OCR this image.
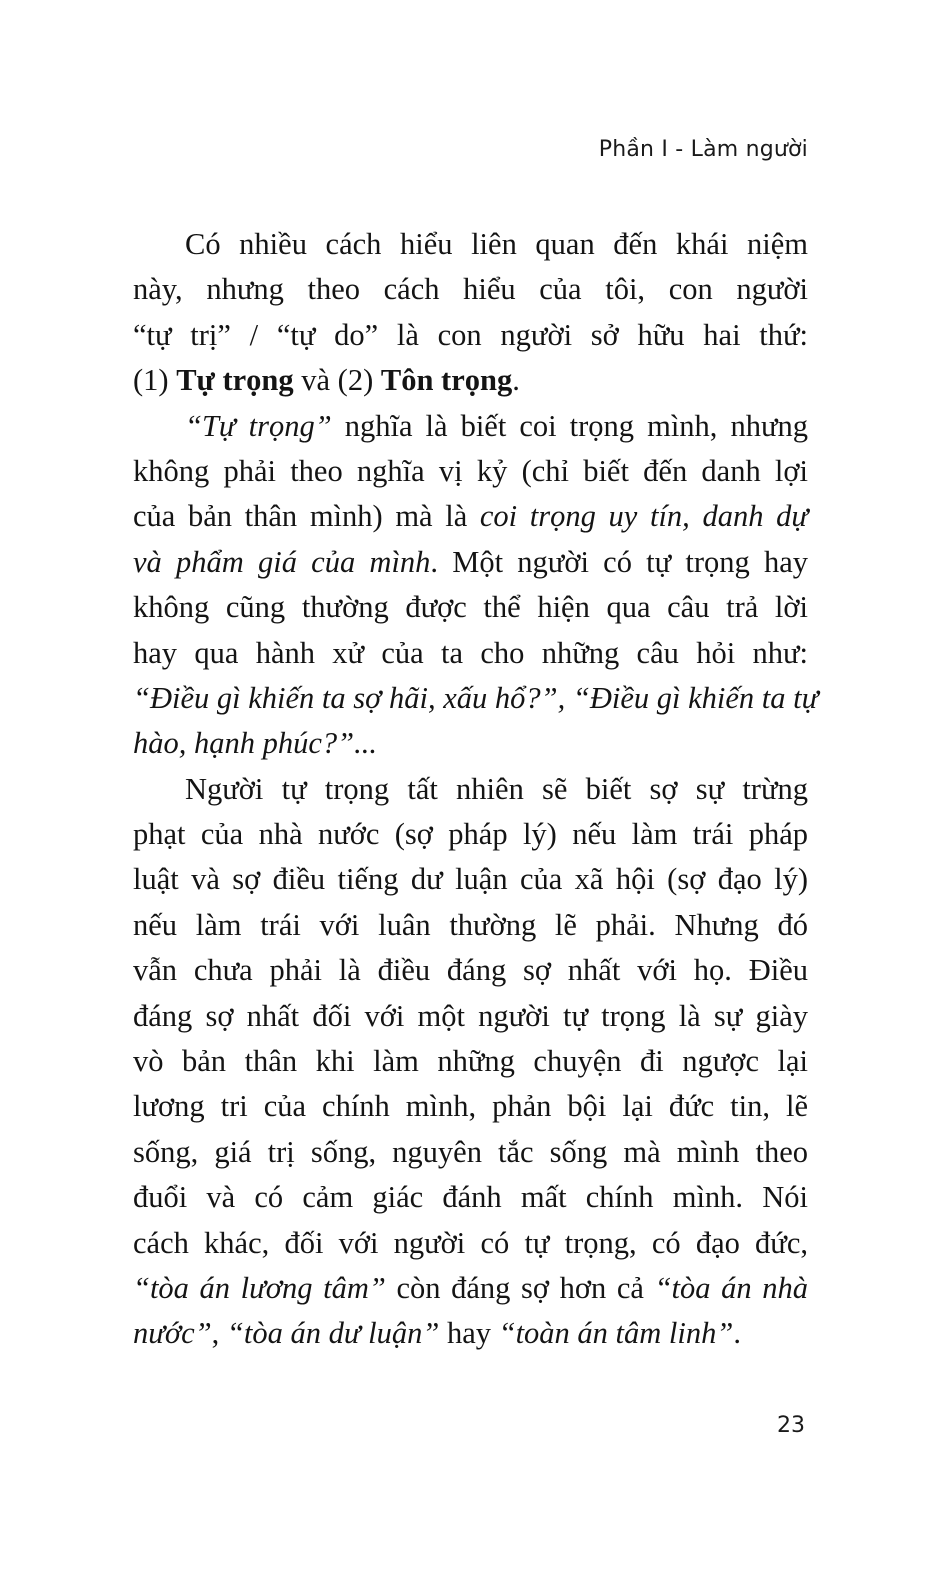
Phần I - Làm người
Có nhiều cách hiểu liên quan đến khái niệm
này, nhưng theo cách hiểu của tôi, con người
“tự trị” / “tự do” là con người sở hữu hai thứ:
(1) Tự trọng và (2) Tôn trọng.
“Tự trọng” nghĩa là biết coi trọng mình, nhưng
không phải theo nghĩa vị kỷ (chỉ biết đến danh lợi
của bản thân mình) mà là coi trọng uy tín, danh dự
và phẩm giá của mình. Một người có tự trọng hay
không cũng thường được thể hiện qua câu trả lời
hay qua hành xử của ta cho những câu hỏi như:
“Điều gì khiến ta sợ hãi, xấu hổ?”, “Điều gì khiến ta tự
hào, hạnh phúc?”...
Người tự trọng tất nhiên sẽ biết sợ sự trừng
phạt của nhà nước (sợ pháp lý) nếu làm trái pháp
luật và sợ điều tiếng dư luận của xã hội (sợ đạo lý)
nếu làm trái với luân thường lẽ phải. Nhưng đó
vẫn chưa phải là điều đáng sợ nhất với họ. Điều
đáng sợ nhất đối với một người tự trọng là sự giày
vò bản thân khi làm những chuyện đi ngược lại
lương tri của chính mình, phản bội lại đức tin, lẽ
sống, giá trị sống, nguyên tắc sống mà mình theo
đuổi và có cảm giác đánh mất chính mình. Nói
cách khác, đối với người có tự trọng, có đạo đức,
“tòa án lương tâm” còn đáng sợ hơn cả “tòa án nhà
nước”, “tòa án dư luận” hay “toàn án tâm linh”.
23
